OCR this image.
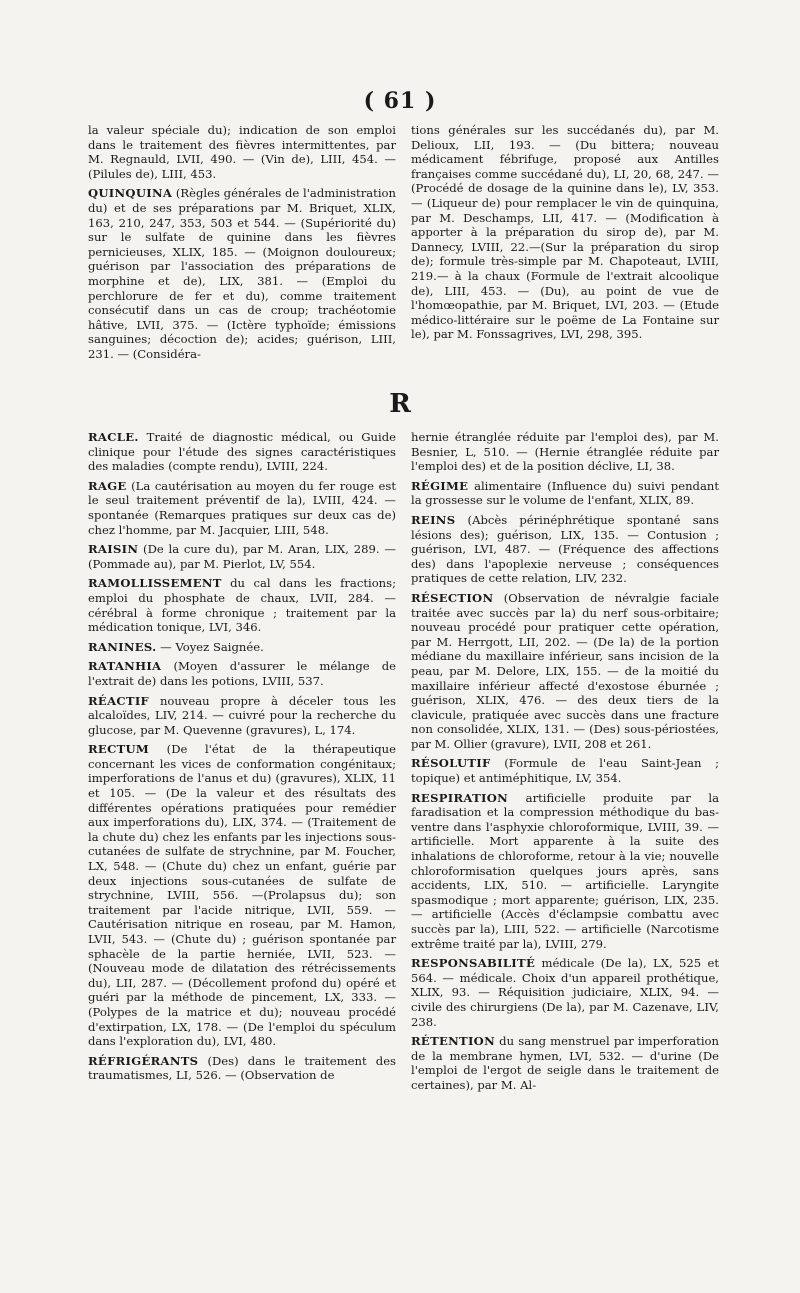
( 61 )

la valeur spéciale du); indication de son emploi dans le traitement des fièvres intermittentes, par M. Regnauld, LVII, 490. — (Vin de), LIII, 454. — (Pilules de), LIII, 453.

QUINQUINA (Règles générales de l'administration du) et de ses préparations par M. Briquet, XLIX, 163, 210, 247, 353, 503 et 544. — (Supériorité du) sur le sulfate de quinine dans les fièvres pernicieuses, XLIX, 185. — (Moignon douloureux; guérison par l'association des préparations de morphine et de), LIX, 381. — (Emploi du perchlorure de fer et du), comme traitement consécutif dans un cas de croup; trachéotomie hâtive, LVII, 375. — (Ictère typhoïde; émissions sanguines; décoction de); acides; guérison, LIII, 231. — (Considéra-

tions générales sur les succédanés du), par M. Delioux, LII, 193. — (Du bittera; nouveau médicament fébrifuge, proposé aux Antilles françaises comme succédané du), LI, 20, 68, 247. — (Procédé de dosage de la quinine dans le), LV, 353.— (Liqueur de) pour remplacer le vin de quinquina, par M. Deschamps, LII, 417. — (Modification à apporter à la préparation du sirop de), par M. Dannecy, LVIII, 22.—(Sur la préparation du sirop de); formule très-simple par M. Chapoteaut, LVIII, 219.— à la chaux (Formule de l'extrait alcoolique de), LIII, 453. — (Du), au point de vue de l'homœopathie, par M. Briquet, LVI, 203. — (Etude médico-littéraire sur le poëme de La Fontaine sur le), par M. Fonssagrives, LVI, 298, 395.

R

RACLE. Traité de diagnostic médical, ou Guide clinique pour l'étude des signes caractéristiques des maladies (compte rendu), LVIII, 224.

RAGE (La cautérisation au moyen du fer rouge est le seul traitement préventif de la), LVIII, 424. — spontanée (Remarques pratiques sur deux cas de) chez l'homme, par M. Jacquier, LIII, 548.

RAISIN (De la cure du), par M. Aran, LIX, 289. — (Pommade au), par M. Pierlot, LV, 554.

RAMOLLISSEMENT du cal dans les fractions; emploi du phosphate de chaux, LVII, 284. — cérébral à forme chronique ; traitement par la médication tonique, LVI, 346.

RANINES. — Voyez Saignée.

RATANHIA (Moyen d'assurer le mélange de l'extrait de) dans les potions, LVIII, 537.

RÉACTIF nouveau propre à déceler tous les alcaloïdes, LIV, 214. — cuivré pour la recherche du glucose, par M. Quevenne (gravures), L, 174.

RECTUM (De l'état de la thérapeutique concernant les vices de conformation congénitaux; imperforations de l'anus et du) (gravures), XLIX, 11 et 105. — (De la valeur et des résultats des différentes opérations pratiquées pour remédier aux imperforations du), LIX, 374. — (Traitement de la chute du) chez les enfants par les injections sous-cutanées de sulfate de strychnine, par M. Foucher, LX, 548. — (Chute du) chez un enfant, guérie par deux injections sous-cutanées de sulfate de strychnine, LVIII, 556. —(Prolapsus du); son traitement par l'acide nitrique, LVII, 559. — Cautérisation nitrique en roseau, par M. Hamon, LVII, 543. — (Chute du) ; guérison spontanée par sphacèle de la partie herniée, LVII, 523. — (Nouveau mode de dilatation des rétrécissements du), LII, 287. — (Décollement profond du) opéré et guéri par la méthode de pincement, LX, 333. — (Polypes de la matrice et du); nouveau procédé d'extirpation, LX, 178. — (De l'emploi du spéculum dans l'exploration du), LVI, 480.

RÉFRIGÉRANTS (Des) dans le traitement des traumatismes, LI, 526. — (Observation de

hernie étranglée réduite par l'emploi des), par M. Besnier, L, 510. — (Hernie étranglée réduite par l'emploi des) et de la position déclive, LI, 38.

RÉGIME alimentaire (Influence du) suivi pendant la grossesse sur le volume de l'enfant, XLIX, 89.

REINS (Abcès périnéphrétique spontané sans lésions des); guérison, LIX, 135. — Contusion ; guérison, LVI, 487. — (Fréquence des affections des) dans l'apoplexie nerveuse ; conséquences pratiques de cette relation, LIV, 232.

RÉSECTION (Observation de névralgie faciale traitée avec succès par la) du nerf sous-orbitaire; nouveau procédé pour pratiquer cette opération, par M. Herrgott, LII, 202. — (De la) de la portion médiane du maxillaire inférieur, sans incision de la peau, par M. Delore, LIX, 155. — de la moitié du maxillaire inférieur affecté d'exostose éburnée ; guérison, XLIX, 476. — des deux tiers de la clavicule, pratiquée avec succès dans une fracture non consolidée, XLIX, 131. — (Des) sous-périostées, par M. Ollier (gravure), LVII, 208 et 261.

RÉSOLUTIF (Formule de l'eau Saint-Jean ; topique) et antiméphitique, LV, 354.

RESPIRATION artificielle produite par la faradisation et la compression méthodique du bas-ventre dans l'asphyxie chloroformique, LVIII, 39. — artificielle. Mort apparente à la suite des inhalations de chloroforme, retour à la vie; nouvelle chloroformisation quelques jours après, sans accidents, LIX, 510. — artificielle. Laryngite spasmodique ; mort apparente; guérison, LIX, 235. — artificielle (Accès d'éclampsie combattu avec succès par la), LIII, 522. — artificielle (Narcotisme extrême traité par la), LVIII, 279.

RESPONSABILITÉ médicale (De la), LX, 525 et 564. — médicale. Choix d'un appareil prothétique, XLIX, 93. — Réquisition judiciaire, XLIX, 94. — civile des chirurgiens (De la), par M. Cazenave, LIV, 238.

RÉTENTION du sang menstruel par imperforation de la membrane hymen, LVI, 532. — d'urine (De l'emploi de l'ergot de seigle dans le traitement de certaines), par M. Al-
